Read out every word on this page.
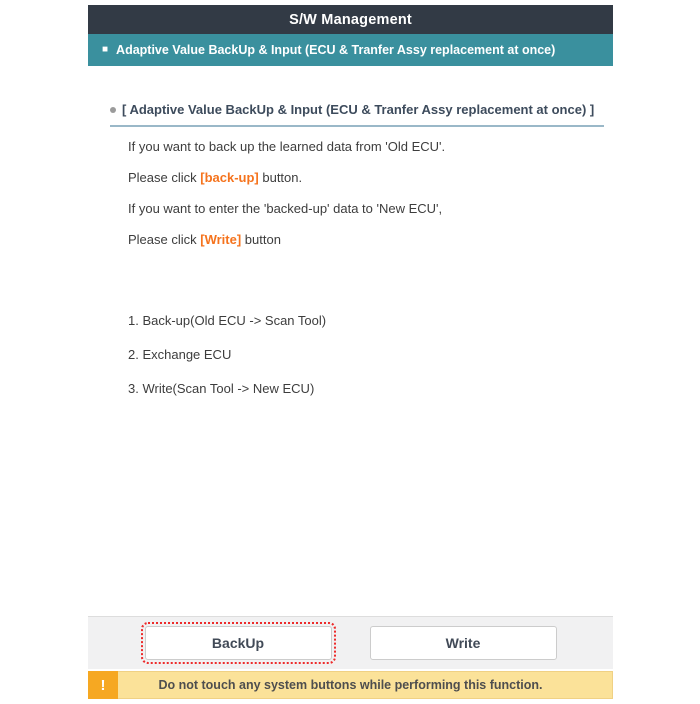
S/W Management
■ Adaptive Value BackUp & Input (ECU & Tranfer Assy replacement at once)
[ Adaptive Value BackUp & Input (ECU & Tranfer Assy replacement at once) ]

If you want to back up the learned data from 'Old ECU'.

Please click [back-up] button.

If you want to enter the 'backed-up' data to 'New ECU',

Please click [Write] button

1. Back-up(Old ECU -> Scan Tool)

2. Exchange ECU

3. Write(Scan Tool -> New ECU)

BackUp	Write
!	Do not touch any system buttons while performing this function.
